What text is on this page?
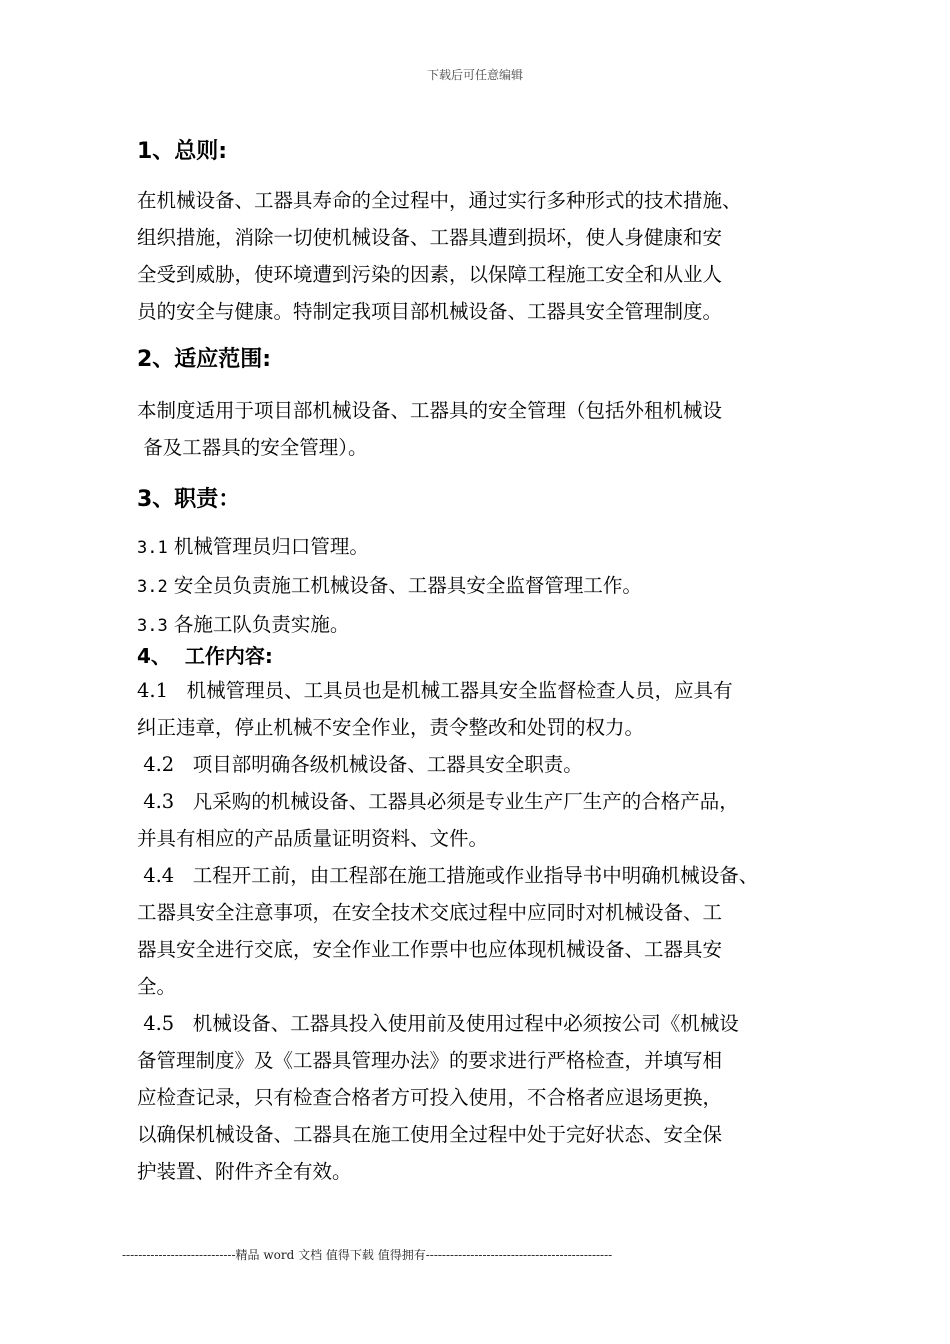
下载后可任意编辑
1、总则:

在机械设备、工器具寿命的全过程中，通过实行多种形式的技术措施、

组织措施，消除一切使机械设备、工器具遭到损坏，使人身健康和安

全受到威胁，使环境遭到污染的因素，以保障工程施工安全和从业人

员的安全与健康。特制定我项目部机械设备、工器具安全管理制度。

2、适应范围:

本制度适用于项目部机械设备、工器具的安全管理（包括外租机械设

备及工器具的安全管理）。

3、职责：

3.1 机械管理员归口管理。

3.2 安全员负责施工机械设备、工器具安全监督管理工作。

3.3 各施工队负责实施。

4、  工作内容:

4.1   机械管理员、工具员也是机械工器具安全监督检查人员，应具有

纠正违章，停止机械不安全作业，责令整改和处罚的权力。

4.2   项目部明确各级机械设备、工器具安全职责。

4.3   凡采购的机械设备、工器具必须是专业生产厂生产的合格产品，

并具有相应的产品质量证明资料、文件。

4.4   工程开工前，由工程部在施工措施或作业指导书中明确机械设备、

工器具安全注意事项，在安全技术交底过程中应同时对机械设备、工

器具安全进行交底，安全作业工作票中也应体现机械设备、工器具安

全。

4.5   机械设备、工器具投入使用前及使用过程中必须按公司《机械设

备管理制度》及《工器具管理办法》的要求进行严格检查，并填写相

应检查记录，只有检查合格者方可投入使用，不合格者应退场更换，

以确保机械设备、工器具在施工使用全过程中处于完好状态、安全保

护装置、附件齐全有效。

----------------------------精品 word 文档 值得下载 值得拥有----------------------------------------------
